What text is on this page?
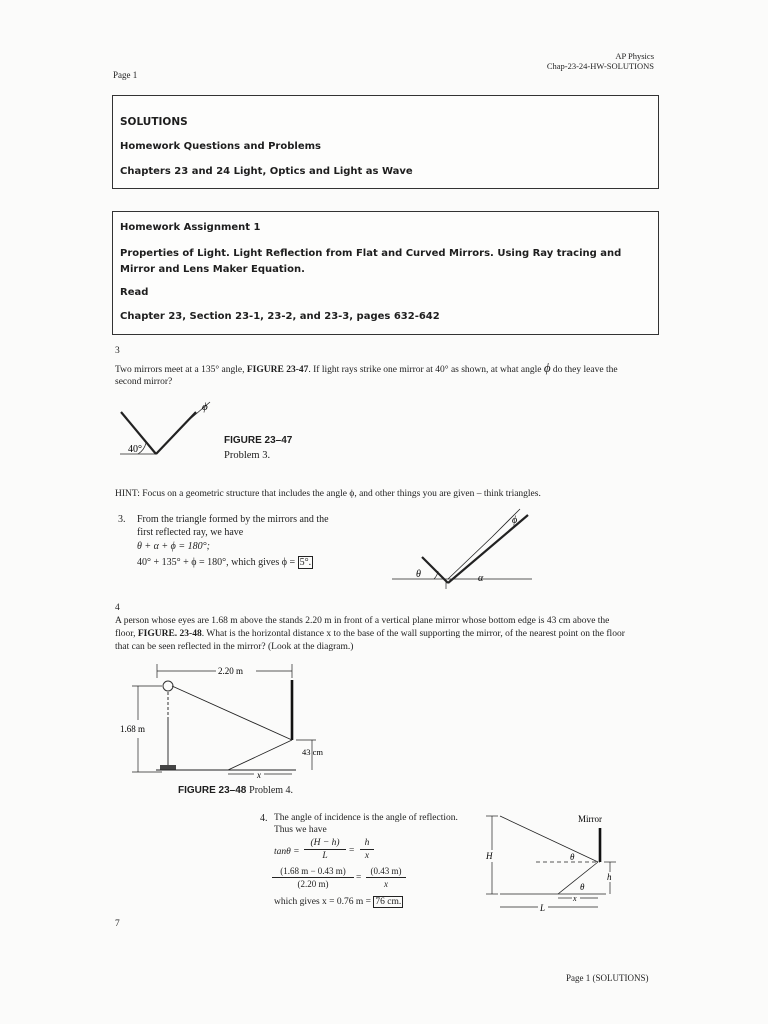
AP Physics
Chap-23-24-HW-SOLUTIONS
Page 1
SOLUTIONS
Homework Questions and Problems
Chapters 23 and 24 Light, Optics and Light as Wave
Homework Assignment 1
Properties of Light. Light Reflection from Flat and Curved Mirrors. Using Ray tracing and
Mirror and Lens Maker Equation.
Read
Chapter 23, Section 23-1, 23-2, and 23-3, pages 632-642
3
Two mirrors meet at a 135° angle, FIGURE 23-47. If light rays strike one mirror at 40° as shown, at what angle ϕ do they leave the
second mirror?
40°
ϕ
FIGURE 23–47
Problem 3.
HINT: Focus on a geometric structure that includes the angle ϕ, and other things you are given – think triangles.
3. From the triangle formed by the mirrors and the
first reflected ray, we have
θ + α + ϕ = 180°;
40° + 135° + ϕ = 180°, which gives ϕ = 5°.
θ	α
ϕ
4
A person whose eyes are 1.68 m above the stands 2.20 m in front of a vertical plane mirror whose bottom edge is 43 cm above the
floor, FIGURE. 23-48. What is the horizontal distance x to the base of the wall supporting the mirror, of the nearest point on the floor
that can be seen reflected in the mirror? (Look at the diagram.)
2.20 m
1.68 m
43 cm
x
FIGURE 23–48 Problem 4.
4. The angle of incidence is the angle of reflection.
Thus we have
tanθ =
(H − h)
L	=
h
x
(1.68 m − 0.43 m)
(2.20 m)
=
(0.43 m)
x
which gives x = 0.76 m = 76 cm.
Mirror
H
h
θ
θ
x
L
7
Page 1 (SOLUTIONS)
